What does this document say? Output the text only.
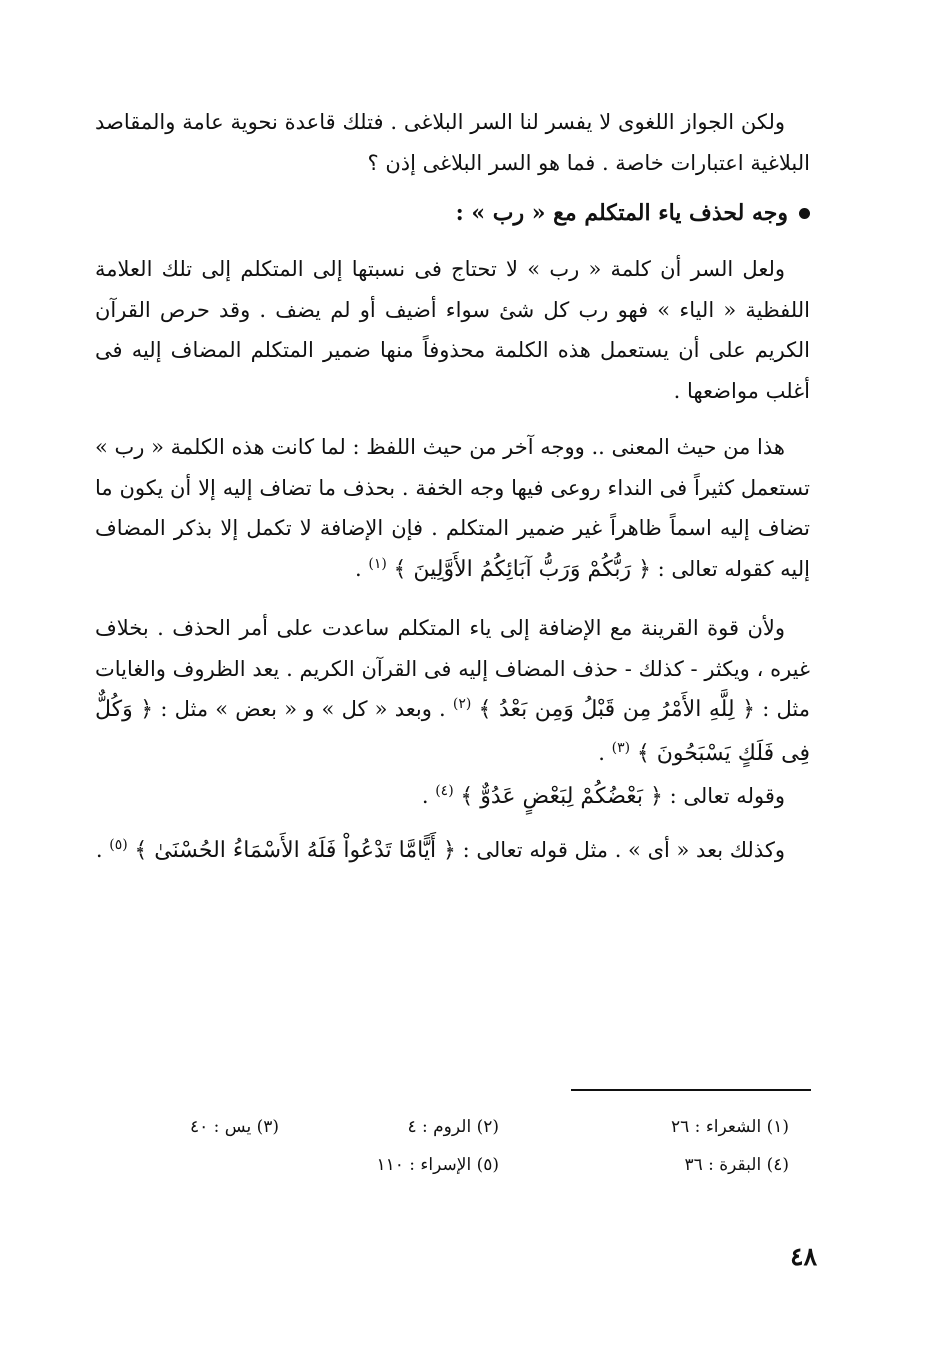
ولكن الجواز اللغوى لا يفسر لنا السر البلاغى . فتلك قاعدة نحوية عامة والمقاصد البلاغية اعتبارات خاصة . فما هو السر البلاغى إذن ؟

وجه لحذف ياء المتكلم مع « رب » :

ولعل السر أن كلمة « رب » لا تحتاج فى نسبتها إلى المتكلم إلى تلك العلامة اللفظية « الياء » فهو رب كل شئ سواء أضيف أو لم يضف . وقد حرص القرآن الكريم على أن يستعمل هذه الكلمة محذوفاً منها ضمير المتكلم المضاف إليه فى أغلب مواضعها .

هذا من حيث المعنى .. ووجه آخر من حيث اللفظ : لما كانت هذه الكلمة « رب » تستعمل كثيراً فى النداء روعى فيها وجه الخفة . بحذف ما تضاف إليه إلا أن يكون ما تضاف إليه اسماً ظاهراً غير ضمير المتكلم . فإن الإضافة لا تكمل إلا بذكر المضاف إليه كقوله تعالى : ﴿ رَبُّكُمْ وَرَبُّ آبَائِكُمُ الأَوَّلِينَ ﴾ $^{(١)}$ .

ولأن قوة القرينة مع الإضافة إلى ياء المتكلم ساعدت على أمر الحذف . بخلاف غيره ، ويكثر - كذلك - حذف المضاف إليه فى القرآن الكريم . يعد الظروف والغايات مثل : ﴿ لِلَّهِ الأَمْرُ مِن قَبْلُ وَمِن بَعْدُ ﴾ $^{(٢)}$ . وبعد « كل » و « بعض » مثل : ﴿ وَكُلٌّ فِى فَلَكٍ يَسْبَحُونَ ﴾ $^{(٣)}$ .

وقوله تعالى : ﴿ بَعْضُكُمْ لِبَعْضٍ عَدُوٌّ ﴾ $^{(٤)}$ .

وكذلك بعد « أى » . مثل قوله تعالى : ﴿ أَيًّامَّا تَدْعُواْ فَلَهُ الأَسْمَاءُ الحُسْنَىٰ ﴾ $^{(٥)}$ .

(١) الشعراء : ٢٦
(٢) الروم : ٤
(٣) يس : ٤٠
(٤) البقرة : ٣٦
(٥) الإسراء : ١١٠
٤٨
